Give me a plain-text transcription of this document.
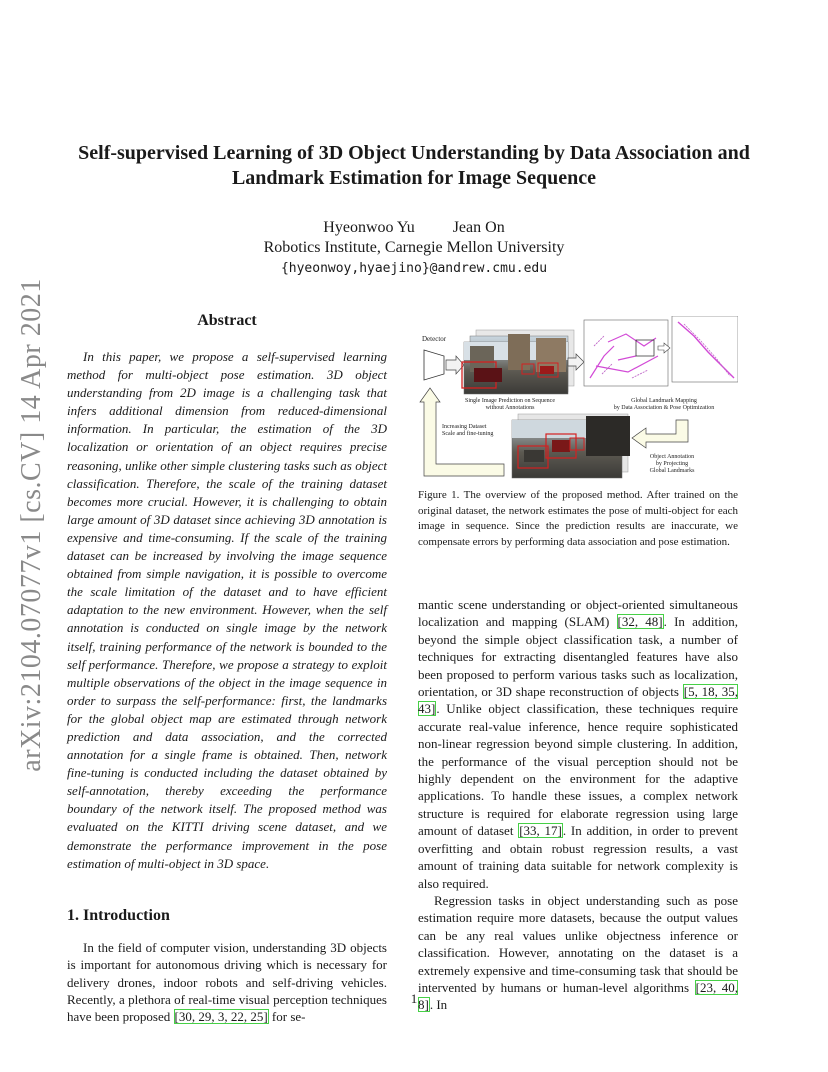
arXiv:2104.07077v1 [cs.CV] 14 Apr 2021
Self-supervised Learning of 3D Object Understanding by Data Association and Landmark Estimation for Image Sequence
Hyeonwoo Yu Jean On
Robotics Institute, Carnegie Mellon University
{hyeonwoy,hyaejino}@andrew.cmu.edu
Abstract

In this paper, we propose a self-supervised learning method for multi-object pose estimation. 3D object understanding from 2D image is a challenging task that infers additional dimension from reduced-dimensional information. In particular, the estimation of the 3D localization or orientation of an object requires precise reasoning, unlike other simple clustering tasks such as object classification. Therefore, the scale of the training dataset becomes more crucial. However, it is challenging to obtain large amount of 3D dataset since achieving 3D annotation is expensive and time-consuming. If the scale of the training dataset can be increased by involving the image sequence obtained from simple navigation, it is possible to overcome the scale limitation of the dataset and to have efficient adaptation to the new environment. However, when the self annotation is conducted on single image by the network itself, training performance of the network is bounded to the self performance. Therefore, we propose a strategy to exploit multiple observations of the object in the image sequence in order to surpass the self-performance: first, the landmarks for the global object map are estimated through network prediction and data association, and the corrected annotation for a single frame is obtained. Then, network fine-tuning is conducted including the dataset obtained by self-annotation, thereby exceeding the performance boundary of the network itself. The proposed method was evaluated on the KITTI driving scene dataset, and we demonstrate the performance improvement in the pose estimation of multi-object in 3D space.

1. Introduction

In the field of computer vision, understanding 3D objects is important for autonomous driving which is necessary for delivery drones, indoor robots and self-driving vehicles. Recently, a plethora of real-time visual perception techniques have been proposed [30, 29, 3, 22, 25] for se-

Detector
Single Image Prediction on Sequence
without Annotations
Global Landmark Mapping
by Data Association & Pose Optimization
Increasing Dataset
Scale and fine-tuning
Object Annotation
by Projecting
Global Landmarks
Figure 1. The overview of the proposed method. After trained on the original dataset, the network estimates the pose of multi-object for each image in sequence. Since the prediction results are inaccurate, we compensate errors by performing data association and pose estimation.

mantic scene understanding or object-oriented simultaneous localization and mapping (SLAM) [32, 48]. In addition, beyond the simple object classification task, a number of techniques for extracting disentangled features have also been proposed to perform various tasks such as localization, orientation, or 3D shape reconstruction of objects [5, 18, 35, 43]. Unlike object classification, these techniques require accurate real-value inference, hence require sophisticated non-linear regression beyond simple clustering. In addition, the performance of the visual perception should not be highly dependent on the environment for the adaptive applications. To handle these issues, a complex network structure is required for elaborate regression using large amount of dataset [33, 17]. In addition, in order to prevent overfitting and obtain robust regression results, a vast amount of training data suitable for network complexity is also required.

Regression tasks in object understanding such as pose estimation require more datasets, because the output values can be any real values unlike objectness inference or classification. However, annotating on the dataset is a extremely expensive and time-consuming task that should be intervented by humans or human-level algorithms [23, 40, 8]. In

1
